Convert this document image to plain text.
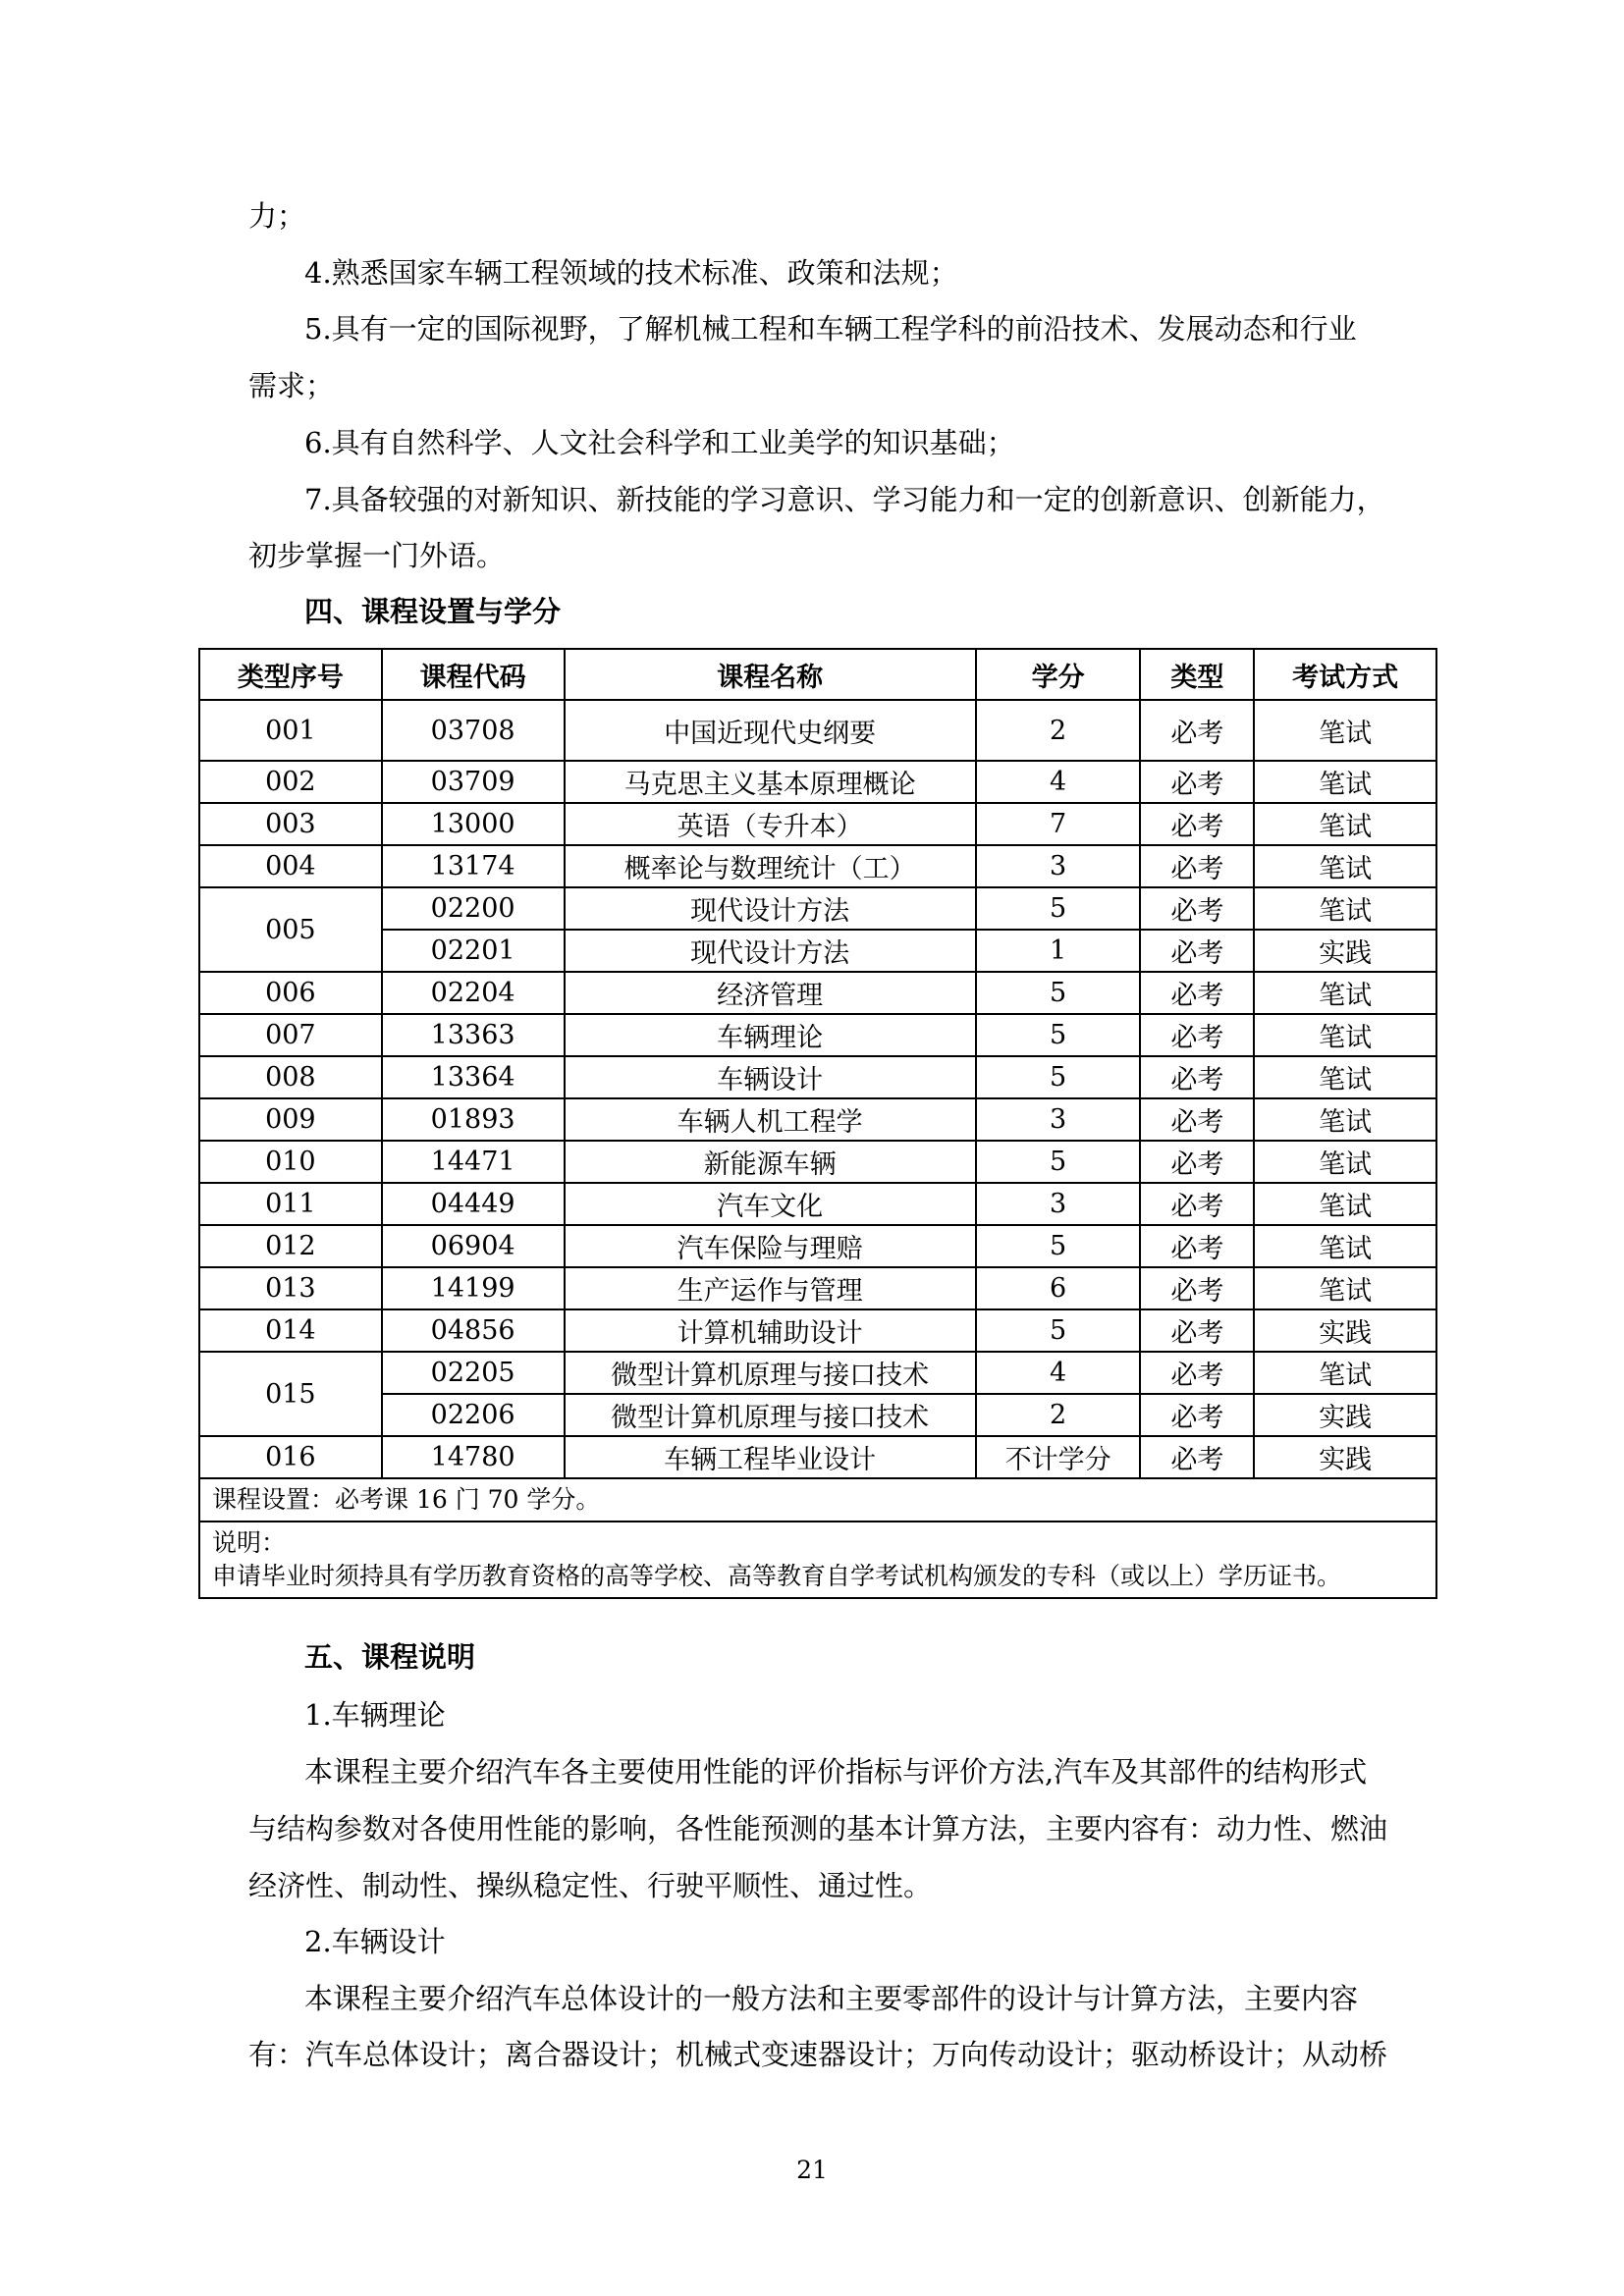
力；
4.熟悉国家车辆工程领域的技术标准、政策和法规；
5.具有一定的国际视野，了解机械工程和车辆工程学科的前沿技术、发展动态和行业
需求；
6.具有自然科学、人文社会科学和工业美学的知识基础；
7.具备较强的对新知识、新技能的学习意识、学习能力和一定的创新意识、创新能力，
初步掌握一门外语。
四、课程设置与学分
类型序号	课程代码	课程名称	学分	类型	考试方式
001	03708	中国近现代史纲要	2	必考	笔试
002	03709	马克思主义基本原理概论	4	必考	笔试
003	13000	英语（专升本）	7	必考	笔试
004	13174	概率论与数理统计（工）	3	必考	笔试
005	02200	现代设计方法	5	必考	笔试
	02201	现代设计方法	1	必考	实践
006	02204	经济管理	5	必考	笔试
007	13363	车辆理论	5	必考	笔试
008	13364	车辆设计	5	必考	笔试
009	01893	车辆人机工程学	3	必考	笔试
010	14471	新能源车辆	5	必考	笔试
011	04449	汽车文化	3	必考	笔试
012	06904	汽车保险与理赔	5	必考	笔试
013	14199	生产运作与管理	6	必考	笔试
014	04856	计算机辅助设计	5	必考	实践
015	02205	微型计算机原理与接口技术	4	必考	笔试
	02206	微型计算机原理与接口技术	2	必考	实践
016	14780	车辆工程毕业设计	不计学分	必考	实践
课程设置：必考课 16 门 70 学分。					

说明：
申请毕业时须持具有学历教育资格的高等学校、高等教育自学考试机构颁发的专科（或以上）学历证书。					
五、课程说明
1.车辆理论
本课程主要介绍汽车各主要使用性能的评价指标与评价方法,汽车及其部件的结构形式
与结构参数对各使用性能的影响，各性能预测的基本计算方法，主要内容有：动力性、燃油
经济性、制动性、操纵稳定性、行驶平顺性、通过性。
2.车辆设计
本课程主要介绍汽车总体设计的一般方法和主要零部件的设计与计算方法，主要内容
有：汽车总体设计；离合器设计；机械式变速器设计；万向传动设计；驱动桥设计；从动桥
21
